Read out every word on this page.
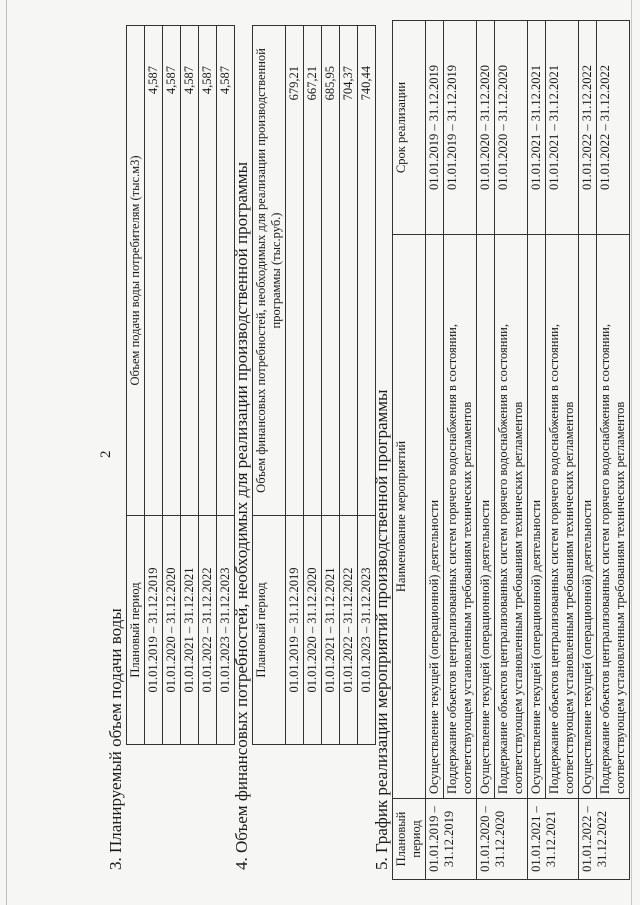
2
3. Планируемый объем подачи воды Плановый период	Объем подачи воды потребителям (тыс.м3)
01.01.2019 – 31.12.2019	4,587
01.01.2020 – 31.12.2020	4,587
01.01.2021 – 31.12.2021	4,587
01.01.2022 – 31.12.2022	4,587
01.01.2023 – 31.12.2023	4,587
4. Объем финансовых потребностей, необходимых для реализации производственной программы Плановый период	Объем финансовых потребностей, необходимых для реализации производственной программы (тыс.руб.)
01.01.2019 – 31.12.2019	679,21
01.01.2020 – 31.12.2020	667,21
01.01.2021 – 31.12.2021	685,95
01.01.2022 – 31.12.2022	704,37
01.01.2023 – 31.12.2023	740,44
5. График реализации мероприятий производственной программы Плановый период	Наименование мероприятий	Срок реализации
01.01.2019 – 31.12.2019	Осуществление текущей (операционной) деятельности	01.01.2019 – 31.12.2019
	Поддержание объектов централизованных систем горячего водоснабжения в состоянии, соответствующем установленным требованиям технических регламентов	01.01.2019 – 31.12.2019
01.01.2020 – 31.12.2020	Осуществление текущей (операционной) деятельности	01.01.2020 – 31.12.2020
	Поддержание объектов централизованных систем горячего водоснабжения в состоянии, соответствующем установленным требованиям технических регламентов	01.01.2020 – 31.12.2020
01.01.2021 – 31.12.2021	Осуществление текущей (операционной) деятельности	01.01.2021 – 31.12.2021
	Поддержание объектов централизованных систем горячего водоснабжения в состоянии, соответствующем установленным требованиям технических регламентов	01.01.2021 – 31.12.2021
01.01.2022 – 31.12.2022	Осуществление текущей (операционной) деятельности	01.01.2022 – 31.12.2022
	Поддержание объектов централизованных систем горячего водоснабжения в состоянии, соответствующем установленным требованиям технических регламентов	01.01.2022 – 31.12.2022
